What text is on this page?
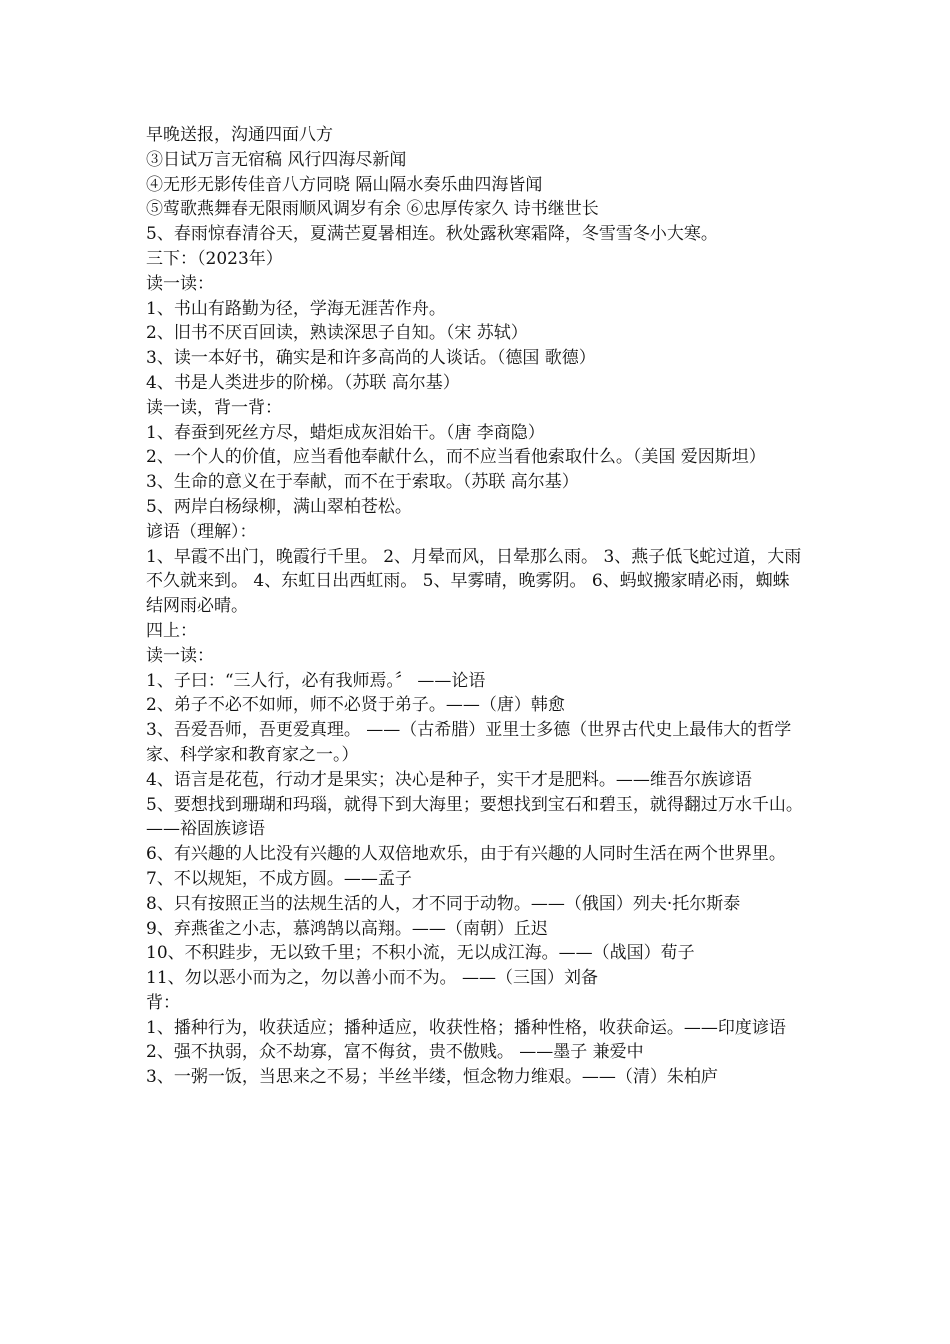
早晚送报，沟通四面八方
③日试万言无宿稿 风行四海尽新闻
④无形无影传佳音八方同晓 隔山隔水奏乐曲四海皆闻
⑤莺歌燕舞春无限雨顺风调岁有余 ⑥忠厚传家久 诗书继世长
5、春雨惊春清谷天，夏满芒夏暑相连。秋处露秋寒霜降，冬雪雪冬小大寒。
三下：（2023年）
读一读：
1、书山有路勤为径，学海无涯苦作舟。
2、旧书不厌百回读，熟读深思子自知。（宋 苏轼）
3、读一本好书，确实是和许多高尚的人谈话。（德国 歌德）
4、书是人类进步的阶梯。（苏联 高尔基）
读一读，背一背：
1、春蚕到死丝方尽，蜡炬成灰泪始干。（唐 李商隐）
2、一个人的价值，应当看他奉献什么，而不应当看他索取什么。（美国 爱因斯坦）
3、生命的意义在于奉献，而不在于索取。（苏联 高尔基）
5、两岸白杨绿柳，满山翠柏苍松。
谚语（理解）：
1、早霞不出门，晚霞行千里。 2、月晕而风，日晕那么雨。 3、燕子低飞蛇过道，大雨不久就来到。 4、东虹日出西虹雨。 5、早雾晴，晚雾阴。 6、蚂蚁搬家晴必雨，蜘蛛结网雨必晴。
四上：
读一读：
1、子曰：“三人行，必有我师焉。〞 ——论语
2、弟子不必不如师，师不必贤于弟子。——（唐）韩愈
3、吾爱吾师，吾更爱真理。 ——（古希腊）亚里士多德（世界古代史上最伟大的哲学家、科学家和教育家之一。）
4、语言是花苞，行动才是果实；决心是种子，实干才是肥料。——维吾尔族谚语
5、要想找到珊瑚和玛瑙，就得下到大海里；要想找到宝石和碧玉，就得翻过万水千山。——裕固族谚语
6、有兴趣的人比没有兴趣的人双倍地欢乐，由于有兴趣的人同时生活在两个世界里。
7、不以规矩，不成方圆。——孟子
8、只有按照正当的法规生活的人，才不同于动物。——（俄国）列夫·托尔斯泰
9、弃燕雀之小志，慕鸿鹄以高翔。——（南朝）丘迟
10、不积跬步，无以致千里；不积小流，无以成江海。——（战国）荀子
11、勿以恶小而为之，勿以善小而不为。 ——（三国）刘备
背：
1、播种行为，收获适应；播种适应，收获性格；播种性格，收获命运。——印度谚语
2、强不执弱，众不劫寡，富不侮贫，贵不傲贱。 ——墨子 兼爱中
3、一粥一饭，当思来之不易；半丝半缕，恒念物力维艰。——（清）朱柏庐
